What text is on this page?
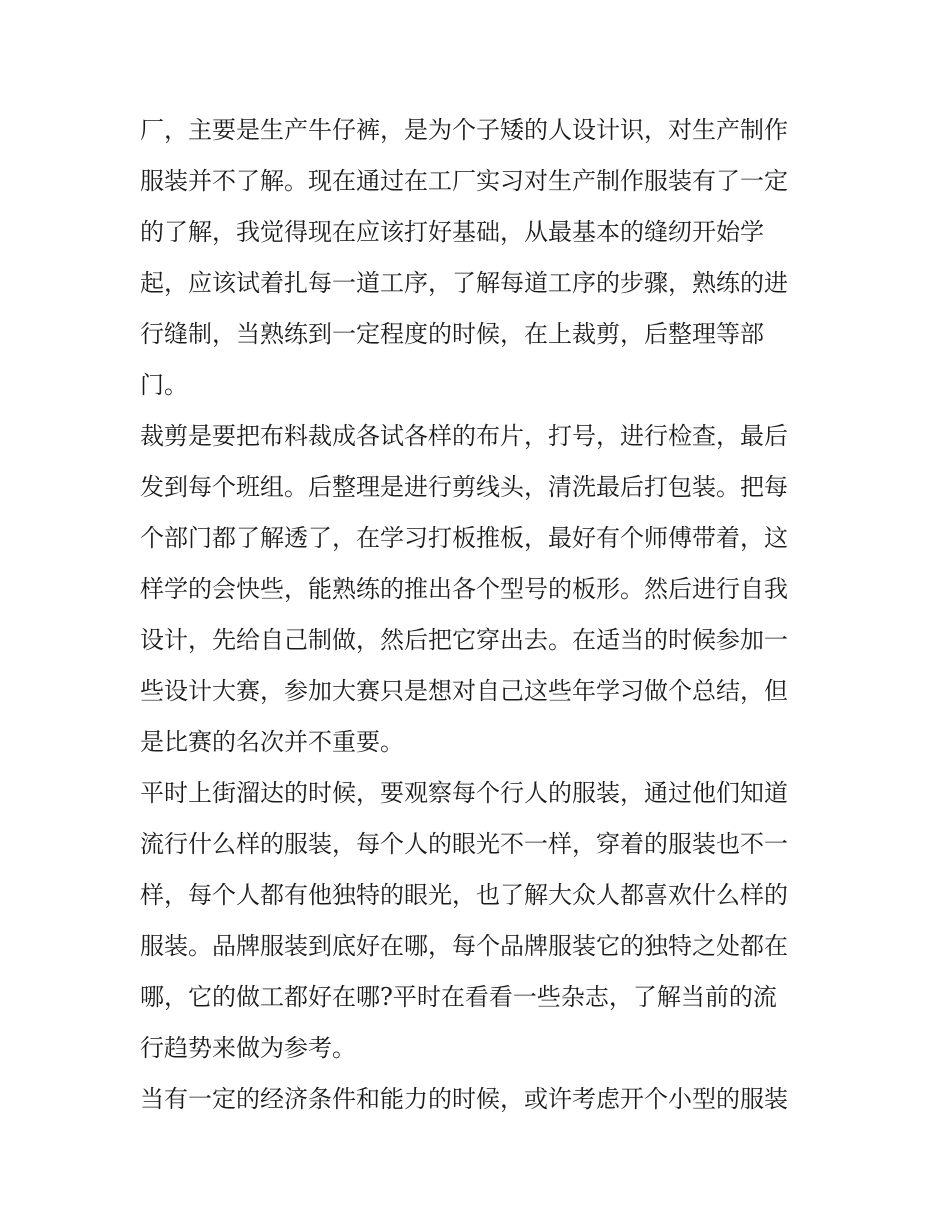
厂，主要是生产牛仔裤，是为个子矮的人设计识，对生产制作
服装并不了解。现在通过在工厂实习对生产制作服装有了一定
的了解，我觉得现在应该打好基础，从最基本的缝纫开始学
起，应该试着扎每一道工序，了解每道工序的步骤，熟练的进
行缝制，当熟练到一定程度的时候，在上裁剪，后整理等部
门。
裁剪是要把布料裁成各试各样的布片，打号，进行检查，最后
发到每个班组。后整理是进行剪线头，清洗最后打包装。把每
个部门都了解透了，在学习打板推板，最好有个师傅带着，这
样学的会快些，能熟练的推出各个型号的板形。然后进行自我
设计，先给自己制做，然后把它穿出去。在适当的时候参加一
些设计大赛，参加大赛只是想对自己这些年学习做个总结，但
是比赛的名次并不重要。
平时上街溜达的时候，要观察每个行人的服装，通过他们知道
流行什么样的服装，每个人的眼光不一样，穿着的服装也不一
样，每个人都有他独特的眼光，也了解大众人都喜欢什么样的
服装。品牌服装到底好在哪，每个品牌服装它的独特之处都在
哪，它的做工都好在哪?平时在看看一些杂志，了解当前的流
行趋势来做为参考。
当有一定的经济条件和能力的时候，或许考虑开个小型的服装
